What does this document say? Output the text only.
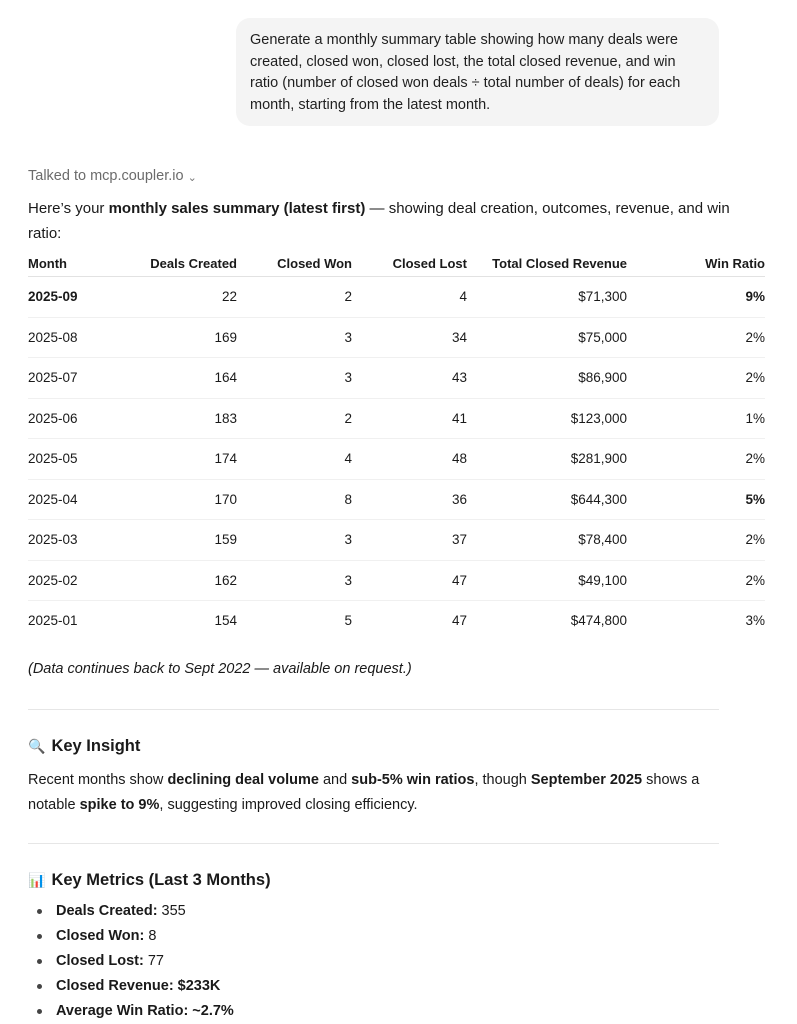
Generate a monthly summary table showing how many deals were created, closed won, closed lost, the total closed revenue, and win ratio (number of closed won deals ÷ total number of deals) for each month, starting from the latest month.
Talked to mcp.coupler.io ⌄
Here’s your monthly sales summary (latest first) — showing deal creation, outcomes, revenue, and win ratio:
Month	Deals Created	Closed Won	Closed Lost	Total Closed Revenue	Win Ratio
2025-09	22	2	4	$71,300	9%
2025-08	169	3	34	$75,000	2%
2025-07	164	3	43	$86,900	2%
2025-06	183	2	41	$123,000	1%
2025-05	174	4	48	$281,900	2%
2025-04	170	8	36	$644,300	5%
2025-03	159	3	37	$78,400	2%
2025-02	162	3	47	$49,100	2%
2025-01	154	5	47	$474,800	3%
(Data continues back to Sept 2022 — available on request.)
🔍 Key Insight
Recent months show declining deal volume and sub-5% win ratios, though September 2025 shows a notable spike to 9%, suggesting improved closing efficiency.
📊 Key Metrics (Last 3 Months)
Deals Created: 355
Closed Won: 8
Closed Lost: 77
Closed Revenue: $233K
Average Win Ratio: ~2.7%
